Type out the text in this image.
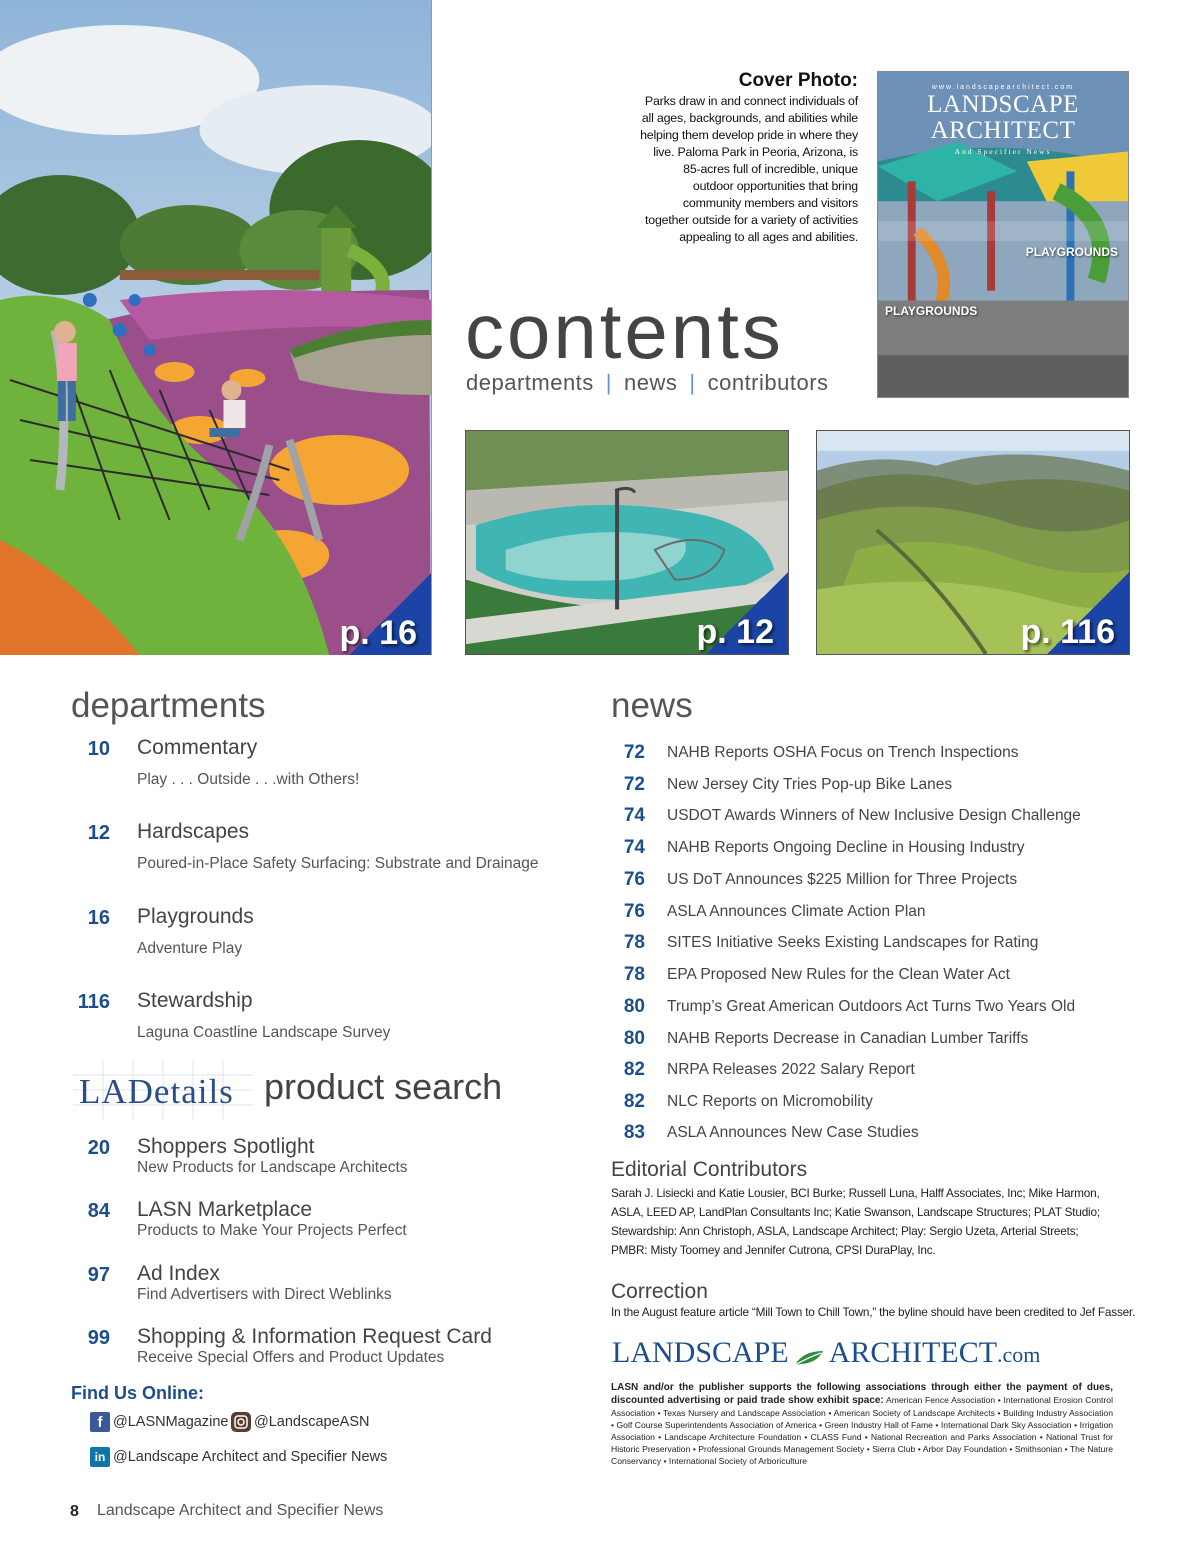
p. 16
Cover Photo:
Parks draw in and connect individuals of all ages, backgrounds, and abilities while helping them develop pride in where they live. Paloma Park in Peoria, Arizona, is 85-acres full of incredible, unique outdoor opportunities that bring community members and visitors together outside for a variety of activities appealing to all ages and abilities.
www.landscapearchitect.com
LANDSCAPE
ARCHITECT
And Specifier News
PLAYGROUNDS
PLAYGROUNDS
contents
departments | news | contributors
p. 12	p. 116
departments
10 Commentary
Play . . . Outside . . .with Others!
12 Hardscapes
Poured-in-Place Safety Surfacing: Substrate and Drainage
16 Playgrounds
Adventure Play
116 Stewardship
Laguna Coastline Landscape Survey
LADetails product search
20 Shoppers Spotlight
New Products for Landscape Architects
84 LASN Marketplace
Products to Make Your Projects Perfect
97 Ad Index
Find Advertisers with Direct Weblinks
99 Shopping & Information Request Card
Receive Special Offers and Product Updates
Find Us Online:
f @LASNMagazine @LandscapeASN
in @Landscape Architect and Specifier News
8 Landscape Architect and Specifier News
news
72 NAHB Reports OSHA Focus on Trench Inspections
72 New Jersey City Tries Pop-up Bike Lanes
74 USDOT Awards Winners of New Inclusive Design Challenge
74 NAHB Reports Ongoing Decline in Housing Industry
76 US DoT Announces $225 Million for Three Projects
76 ASLA Announces Climate Action Plan
78 SITES Initiative Seeks Existing Landscapes for Rating
78 EPA Proposed New Rules for the Clean Water Act
80 Trump’s Great American Outdoors Act Turns Two Years Old
80 NAHB Reports Decrease in Canadian Lumber Tariffs
82 NRPA Releases 2022 Salary Report
82 NLC Reports on Micromobility
83 ASLA Announces New Case Studies
Editorial Contributors
Sarah J. Lisiecki and Katie Lousier, BCI Burke; Russell Luna, Halff Associates, Inc; Mike Harmon, ASLA, LEED AP, LandPlan Consultants Inc; Katie Swanson, Landscape Structures; PLAT Studio; Stewardship: Ann Christoph, ASLA, Landscape Architect; Play: Sergio Uzeta, Arterial Streets; PMBR: Misty Toomey and Jennifer Cutrona, CPSI DuraPlay, Inc.
Correction
In the August feature article “Mill Town to Chill Town,” the byline should have been credited to Jef Fasser.
LANDSCAPE ARCHITECT.com
LASN and/or the publisher supports the following associations through either the payment of dues, discounted advertising or paid trade show exhibit space: American Fence Association • International Erosion Control Association • Texas Nursery and Landscape Association • American Society of Landscape Architects • Building Industry Association • Golf Course Superintendents Association of America • Green Industry Hall of Fame • International Dark Sky Association • Irrigation Association • Landscape Architecture Foundation • CLASS Fund • National Recreation and Parks Association • National Trust for Historic Preservation • Professional Grounds Management Society • Sierra Club • Arbor Day Foundation • Smithsonian • The Nature Conservancy • International Society of Arboriculture
